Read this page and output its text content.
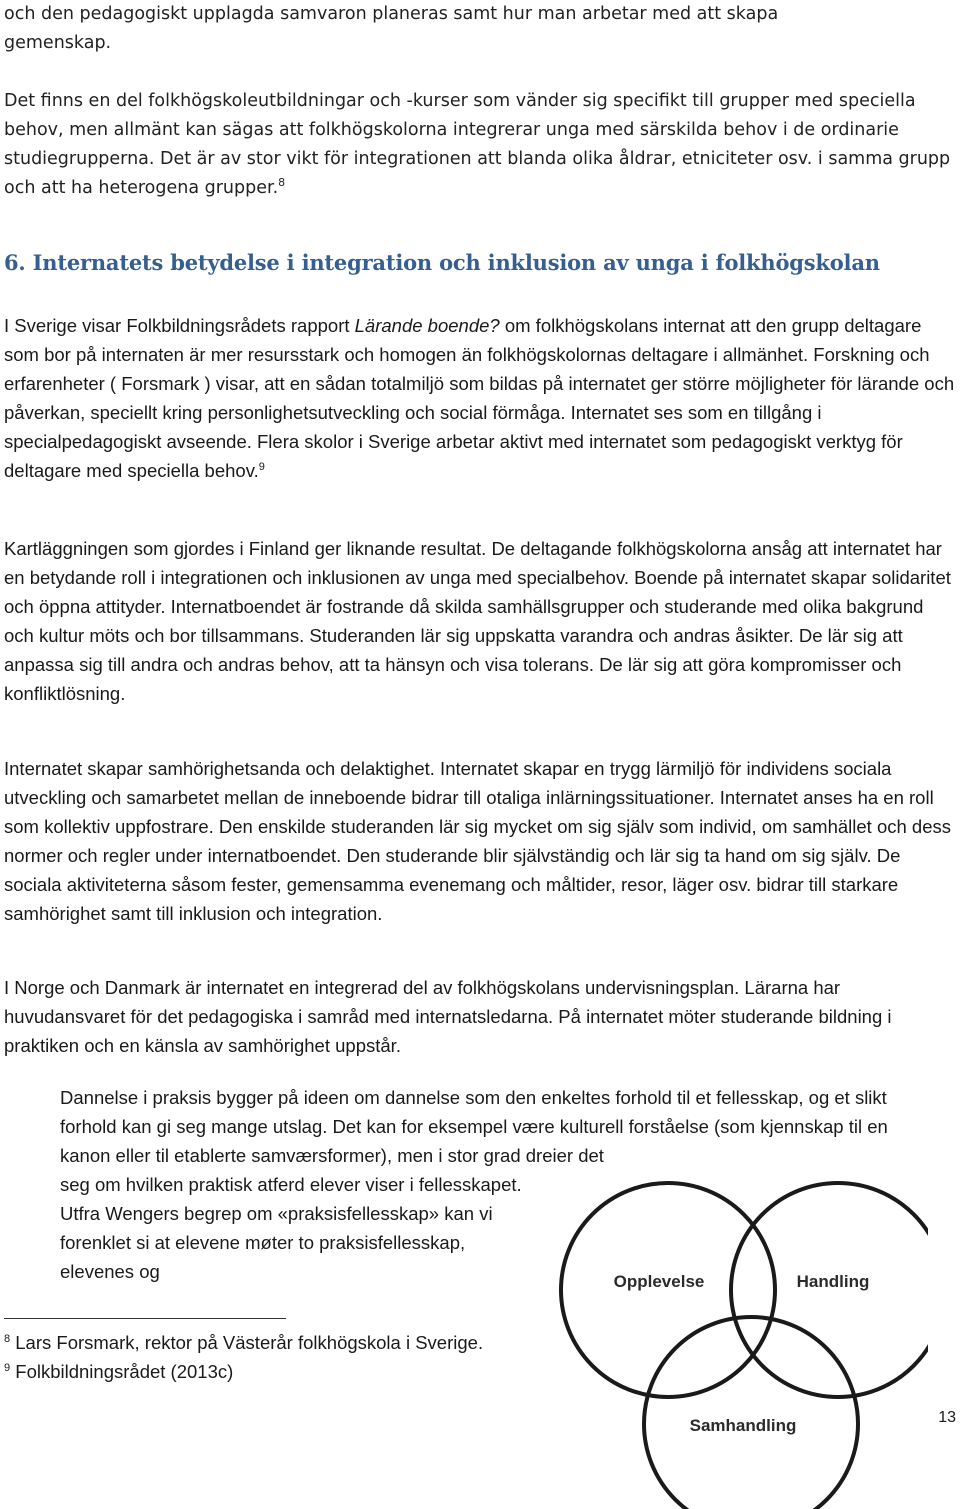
och den pedagogiskt upplagda samvaron planeras samt hur man arbetar med att skapa

gemenskap.

Det finns en del folkhögskoleutbildningar och -kurser som vänder sig specifikt till grupper med speciella behov, men allmänt kan sägas att folkhögskolorna integrerar unga med särskilda behov i de ordinarie studiegrupperna. Det är av stor vikt för integrationen att blanda olika åldrar, etniciteter osv. i samma grupp och att ha heterogena grupper.$^8$

6. Internatets betydelse i integration och inklusion av unga i folkhögskolan

I Sverige visar Folkbildningsrådets rapport Lärande boende? om folkhögskolans internat att den grupp deltagare som bor på internaten är mer resursstark och homogen än folkhögskolornas deltagare i allmänhet. Forskning och erfarenheter ( Forsmark ) visar, att en sådan totalmiljö som bildas på internatet ger större möjligheter för lärande och påverkan, speciellt kring personlighetsutveckling och social förmåga. Internatet ses som en tillgång i specialpedagogiskt avseende. Flera skolor i Sverige arbetar aktivt med internatet som pedagogiskt verktyg för deltagare med speciella behov.$^9$

Kartläggningen som gjordes i Finland ger liknande resultat. De deltagande folkhögskolorna ansåg att internatet har en betydande roll i integrationen och inklusionen av unga med specialbehov. Boende på internatet skapar solidaritet och öppna attityder. Internatboendet är fostrande då skilda samhällsgrupper och studerande med olika bakgrund och kultur möts och bor tillsammans. Studeranden lär sig uppskatta varandra och andras åsikter. De lär sig att anpassa sig till andra och andras behov, att ta hänsyn och visa tolerans. De lär sig att göra kompromisser och konfliktlösning.

Internatet skapar samhörighetsanda och delaktighet. Internatet skapar en trygg lärmiljö för individens sociala utveckling och samarbetet mellan de inneboende bidrar till otaliga inlärningssituationer. Internatet anses ha en roll som kollektiv uppfostrare. Den enskilde studeranden lär sig mycket om sig själv som individ, om samhället och dess normer och regler under internatboendet. Den studerande blir självständig och lär sig ta hand om sig själv. De sociala aktiviteterna såsom fester, gemensamma evenemang och måltider, resor, läger osv. bidrar till starkare samhörighet samt till inklusion och integration.

I Norge och Danmark är internatet en integrerad del av folkhögskolans undervisningsplan. Lärarna har huvudansvaret för det pedagogiska i samråd med internatsledarna. På internatet möter studerande bildning i praktiken och en känsla av samhörighet uppstår.

Dannelse i praksis bygger på ideen om dannelse som den enkeltes forhold til et fellesskap, og et slikt forhold kan gi seg mange utslag. Det kan for eksempel være kulturell forståelse (som kjennskap til en kanon eller til etablerte samværsformer), men i stor grad dreier det

seg om hvilken praktisk atferd elever viser i fellesskapet. Utfra Wengers begrep om «praksisfellesskap» kan vi forenklet si at elevene møter to praksisfellesskap, elevenes og

$^8$ Lars Forsmark, rektor på Västerår folkhögskola i Sverige.

$^9$ Folkbildningsrådet (2013c)

Opplevelse	Handling
Samhandling	13
